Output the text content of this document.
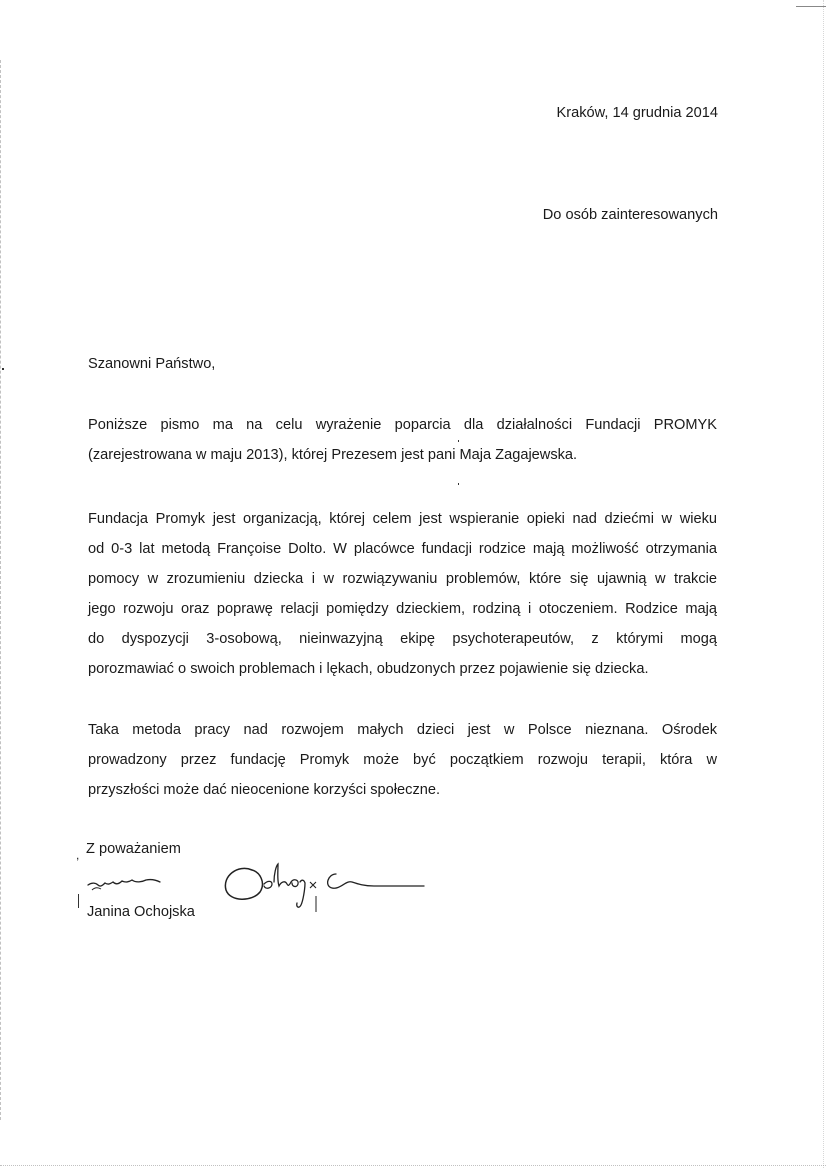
Kraków, 14 grudnia 2014
Do osób zainteresowanych
Szanowni Państwo,
Poniższe pismo ma na celu wyrażenie poparcia dla działalności Fundacji PROMYK
(zarejestrowana w maju 2013), której Prezesem jest pani Maja Zagajewska.
Fundacja Promyk jest organizacją, której celem jest wspieranie opieki nad dziećmi w wieku
od 0-3 lat metodą Françoise Dolto. W placówce fundacji rodzice mają możliwość otrzymania
pomocy w zrozumieniu dziecka i w rozwiązywaniu problemów, które się ujawnią w trakcie
jego rozwoju oraz poprawę relacji pomiędzy dzieckiem, rodziną i otoczeniem. Rodzice mają
do dyspozycji 3-osobową, nieinwazyjną ekipę psychoterapeutów, z którymi mogą
porozmawiać o swoich problemach i lękach, obudzonych przez pojawienie się dziecka.
Taka metoda pracy nad rozwojem małych dzieci jest w Polsce nieznana. Ośrodek
prowadzony przez fundację Promyk może być początkiem rozwoju terapii, która w
przyszłości może dać nieocenione korzyści społeczne.
, Z poważaniem
Janina Ochojska
